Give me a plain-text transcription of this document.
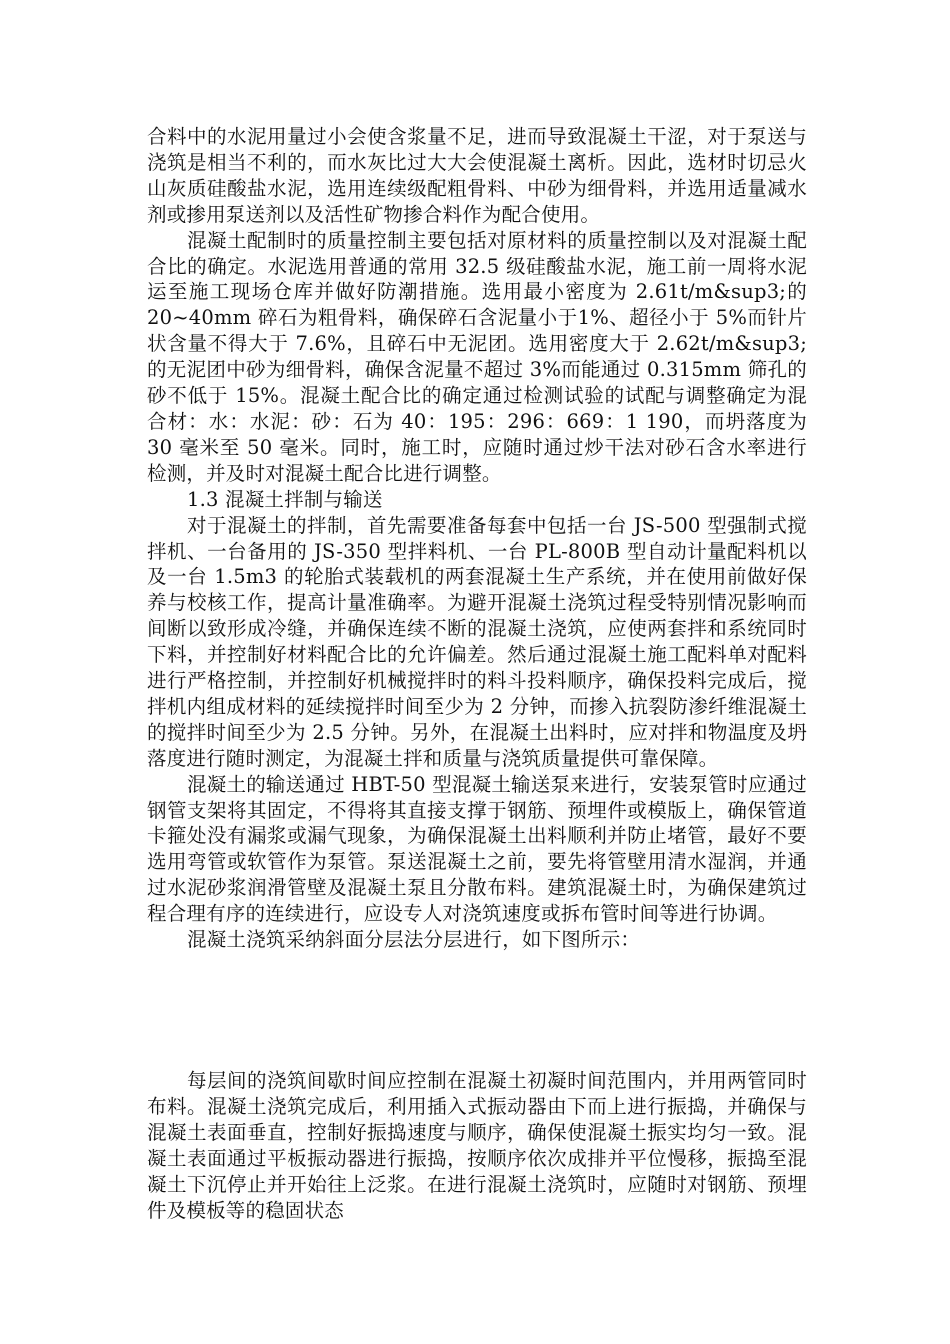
合料中的水泥用量过小会使含浆量不足，进而导致混凝土干涩，对于泵送与浇筑是相当不利的，而水灰比过大大会使混凝土离析。因此，选材时切忌火山灰质硅酸盐水泥，选用连续级配粗骨料、中砂为细骨料，并选用适量减水剂或掺用泵送剂以及活性矿物掺合料作为配合使用。

混凝土配制时的质量控制主要包括对原材料的质量控制以及对混凝土配合比的确定。水泥选用普通的常用 32.5 级硅酸盐水泥，施工前一周将水泥运至施工现场仓库并做好防潮措施。选用最小密度为 2.61t/m&sup3;的 20~40mm 碎石为粗骨料，确保碎石含泥量小于1%、超径小于 5%而针片状含量不得大于 7.6%，且碎石中无泥团。选用密度大于 2.62t/m&sup3;的无泥团中砂为细骨料，确保含泥量不超过 3%而能通过 0.315mm 筛孔的砂不低于 15%。混凝土配合比的确定通过检测试验的试配与调整确定为混合材：水：水泥：砂：石为 40：195：296：669：1 190，而坍落度为 30 毫米至 50 毫米。同时，施工时，应随时通过炒干法对砂石含水率进行检测，并及时对混凝土配合比进行调整。

1.3 混凝土拌制与输送

对于混凝土的拌制，首先需要准备每套中包括一台 JS-500 型强制式搅拌机、一台备用的 JS-350 型拌料机、一台 PL-800B 型自动计量配料机以及一台 1.5m3 的轮胎式装载机的两套混凝土生产系统，并在使用前做好保养与校核工作，提高计量准确率。为避开混凝土浇筑过程受特别情况影响而间断以致形成冷缝，并确保连续不断的混凝土浇筑，应使两套拌和系统同时下料，并控制好材料配合比的允许偏差。然后通过混凝土施工配料单对配料进行严格控制，并控制好机械搅拌时的料斗投料顺序，确保投料完成后，搅拌机内组成材料的延续搅拌时间至少为 2 分钟，而掺入抗裂防渗纤维混凝土的搅拌时间至少为 2.5 分钟。另外，在混凝土出料时，应对拌和物温度及坍落度进行随时测定，为混凝土拌和质量与浇筑质量提供可靠保障。

混凝土的输送通过 HBT-50 型混凝土输送泵来进行，安装泵管时应通过钢管支架将其固定，不得将其直接支撑于钢筋、预埋件或模版上，确保管道卡箍处没有漏浆或漏气现象，为确保混凝土出料顺利并防止堵管，最好不要选用弯管或软管作为泵管。泵送混凝土之前，要先将管壁用清水湿润，并通过水泥砂浆润滑管壁及混凝土泵且分散布料。建筑混凝土时，为确保建筑过程合理有序的连续进行，应设专人对浇筑速度或拆布管时间等进行协调。

混凝土浇筑采纳斜面分层法分层进行，如下图所示：

每层间的浇筑间歇时间应控制在混凝土初凝时间范围内，并用两管同时布料。混凝土浇筑完成后，利用插入式振动器由下而上进行振捣，并确保与混凝土表面垂直，控制好振捣速度与顺序，确保使混凝土振实均匀一致。混凝土表面通过平板振动器进行振捣，按顺序依次成排并平位慢移，振捣至混凝土下沉停止并开始往上泛浆。在进行混凝土浇筑时，应随时对钢筋、预埋件及模板等的稳固状态
